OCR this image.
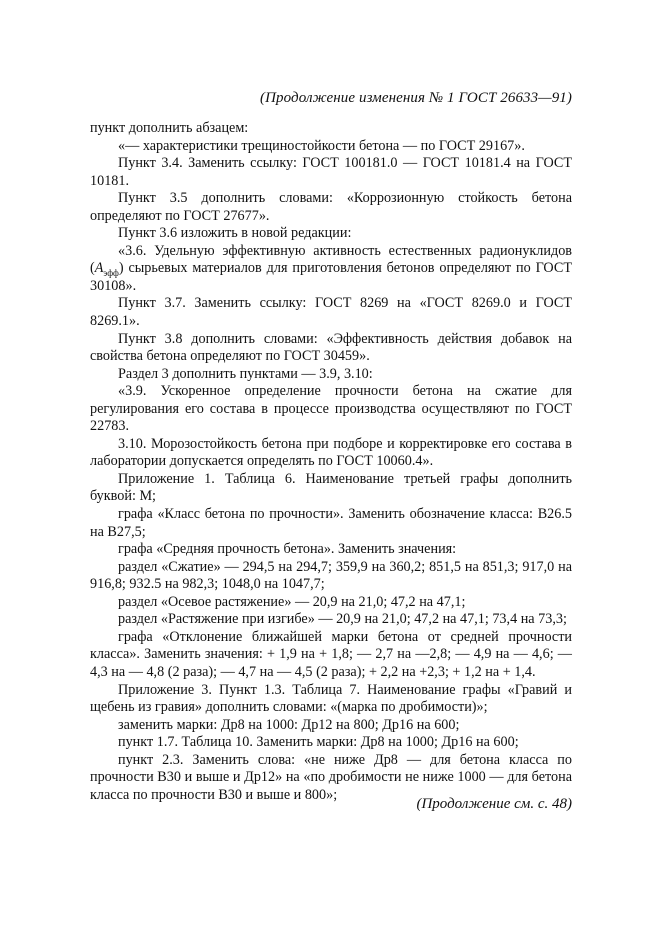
(Продолжение изменения № 1 ГОСТ 26633—91)

пункт дополнить абзацем:

«— характеристики трещиностойкости бетона — по ГОСТ 29167».

Пункт 3.4. Заменить ссылку: ГОСТ 100181.0 — ГОСТ 10181.4 на ГОСТ 10181.

Пункт 3.5 дополнить словами: «Коррозионную стойкость бетона определяют по ГОСТ 27677».

Пункт 3.6 изложить в новой редакции:

«3.6. Удельную эффективную активность естественных радионуклидов $(A_{эфф})$ сырьевых материалов для приготовления бетонов определяют по ГОСТ 30108».

Пункт 3.7. Заменить ссылку: ГОСТ 8269 на «ГОСТ 8269.0 и ГОСТ 8269.1».

Пункт 3.8 дополнить словами: «Эффективность действия добавок на свойства бетона определяют по ГОСТ 30459».

Раздел 3 дополнить пунктами — 3.9, 3.10:

«3.9. Ускоренное определение прочности бетона на сжатие для регулирования его состава в процессе производства осуществляют по ГОСТ 22783.

3.10. Морозостойкость бетона при подборе и корректировке его состава в лаборатории допускается определять по ГОСТ 10060.4».

Приложение 1. Таблица 6. Наименование третьей графы дополнить буквой: М;

графа «Класс бетона по прочности». Заменить обозначение класса: В26.5 на В27,5;

графа «Средняя прочность бетона». Заменить значения:

раздел «Сжатие» — 294,5 на 294,7; 359,9 на 360,2; 851,5 на 851,3; 917,0 на 916,8; 932.5 на 982,3; 1048,0 на 1047,7;

раздел «Осевое растяжение» — 20,9 на 21,0; 47,2 на 47,1;

раздел «Растяжение при изгибе» — 20,9 на 21,0; 47,2 на 47,1; 73,4 на 73,3;

графа «Отклонение ближайшей марки бетона от средней прочности класса». Заменить значения: + 1,9 на + 1,8; — 2,7 на —2,8; — 4,9 на — 4,6; — 4,3 на — 4,8 (2 раза); — 4,7 на — 4,5 (2 раза); + 2,2 на +2,3; + 1,2 на + 1,4.

Приложение 3. Пункт 1.3. Таблица 7. Наименование графы «Гравий и щебень из гравия» дополнить словами: «(марка по дробимости)»;

заменить марки: Др8 на 1000: Др12 на 800; Др16 на 600;

пункт 1.7. Таблица 10. Заменить марки: Др8 на 1000; Др16 на 600;

пункт 2.3. Заменить слова: «не ниже Др8 — для бетона класса по прочности В30 и выше и Др12» на «по дробимости не ниже 1000 — для бетона класса по прочности В30 и выше и 800»;

(Продолжение см. с. 48)
